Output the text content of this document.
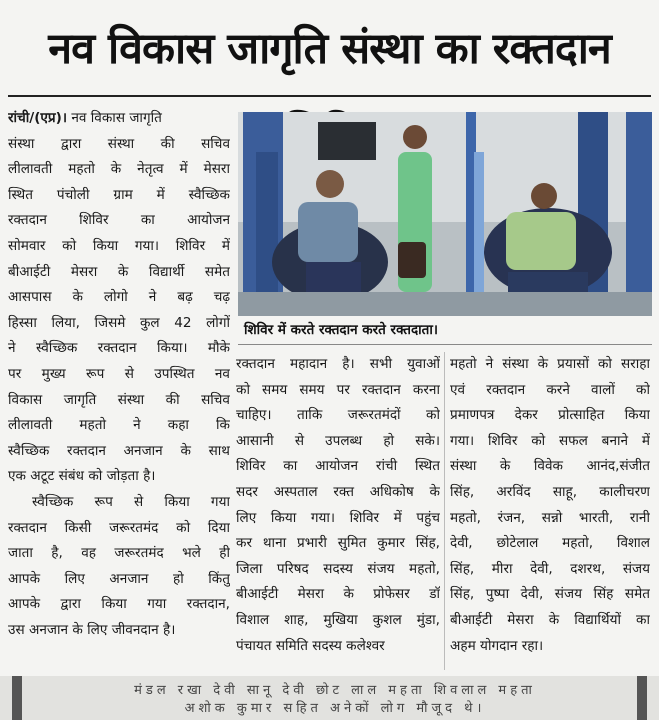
नव विकास जागृति संस्था का रक्तदान
रांची/(एप्र)। नव विकास जागृति
संस्था द्वारा संस्था की सचिव
लीलावती महतो के नेतृत्व में मेसरा
स्थित पंचोली ग्राम में स्वैच्छिक
रक्तदान शिविर का आयोजन
सोमवार को किया गया। शिविर में
बीआईटी मेसरा के विद्यार्थी समेत
आसपास के लोगो ने बढ़ चढ़
हिस्सा लिया, जिसमे कुल 42 लोगों
ने स्वैच्छिक रक्तदान किया। मौके
पर मुख्य रूप से उपस्थित नव
विकास जागृति संस्था की सचिव
लीलावती महतो ने कहा कि
स्वैच्छिक रक्तदान अनजान के साथ
एक अटूट संबंध को जोड़ता है।
स्वैच्छिक रूप से किया गया
रक्तदान किसी जरूरतमंद को दिया
जाता है, वह जरूरतमंद भले ही
आपके लिए अनजान हो किंतु
आपके द्वारा किया गया रक्तदान,
उस अनजान के लिए जीवनदान है।
शिविर में करते रक्तदान करते रक्तदाता।
रक्तदान महादान है। सभी युवाओं
को समय समय पर रक्तदान करना
चाहिए। ताकि जरूरतमंदों को
आसानी से उपलब्ध हो सके।
शिविर का आयोजन रांची स्थित
सदर अस्पताल रक्त अधिकोष के
लिए किया गया। शिविर में पहुंच
कर थाना प्रभारी सुमित कुमार सिंह,
जिला परिषद सदस्य संजय महतो,
बीआईटी मेसरा के प्रोफेसर डॉ
विशाल शाह, मुखिया कुशल मुंडा,
पंचायत समिति सदस्य कलेश्वर
महतो ने संस्था के प्रयासों को सराहा
एवं रक्तदान करने वालों को
प्रमाणपत्र देकर प्रोत्साहित किया
गया। शिविर को सफल बनाने में
संस्था के विवेक आनंद,संजीत
सिंह, अरविंद साहू, कालीचरण
महतो, रंजन, सन्नो भारती, रानी
देवी, छोटेलाल महतो, विशाल
सिंह, मीरा देवी, दशरथ, संजय
सिंह, पुष्पा देवी, संजय सिंह समेत
बीआईटी मेसरा के विद्यार्थियों का
अहम योगदान रहा।
मंडल रखा देवी सानू देवी छोट लाल महता शिवलाल महता
अशोक कुमार सहित अनेकों लोग मौजूद थे।
